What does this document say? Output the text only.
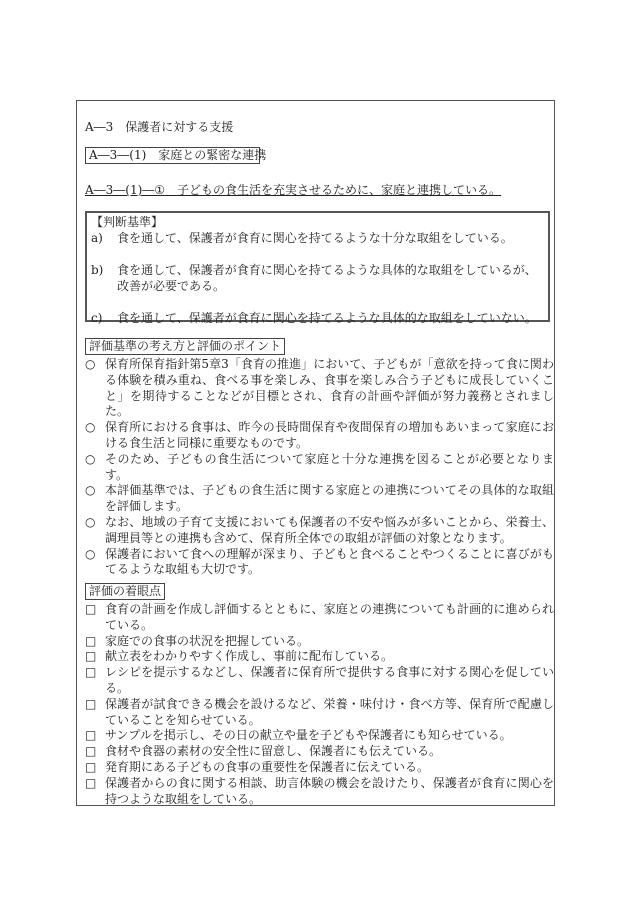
A―3　保護者に対する支援
A―3―(1)　家庭との緊密な連携
A―3―(1)―①　子どもの食生活を充実させるために、家庭と連携している。
【判断基準】
a)	食を通して、保護者が食育に関心を持てるような十分な取組をしている。
b)	食を通して、保護者が食育に関心を持てるような具体的な取組をしているが、改善が必要である。
c)	食を通して、保護者が食育に関心を持てるような具体的な取組をしていない。
評価基準の考え方と評価のポイント
○ 保育所保育指針第5章3「食育の推進」において、子どもが「意欲を持って食に関わる体験を積み重ね、食べる事を楽しみ、食事を楽しみ合う子どもに成長していくこと」を期待することなどが目標とされ、食育の計画や評価が努力義務とされました。
○ 保育所における食事は、昨今の長時間保育や夜間保育の増加もあいまって家庭における食生活と同様に重要なものです。
○ そのため、子どもの食生活について家庭と十分な連携を図ることが必要となります。
○ 本評価基準では、子どもの食生活に関する家庭との連携についてその具体的な取組を評価します。
○ なお、地域の子育て支援においても保護者の不安や悩みが多いことから、栄養士、調理員等との連携も含めて、保育所全体での取組が評価の対象となります。
○ 保護者において食への理解が深まり、子どもと食べることやつくることに喜びがもてるような取組も大切です。
評価の着眼点
□ 食育の計画を作成し評価するとともに、家庭との連携についても計画的に進められている。
□ 家庭での食事の状況を把握している。
□ 献立表をわかりやすく作成し、事前に配布している。
□ レシピを提示するなどし、保護者に保育所で提供する食事に対する関心を促している。
□ 保護者が試食できる機会を設けるなど、栄養・味付け・食べ方等、保育所で配慮していることを知らせている。
□ サンプルを掲示し、その日の献立や量を子どもや保護者にも知らせている。
□ 食材や食器の素材の安全性に留意し、保護者にも伝えている。
□ 発育期にある子どもの食事の重要性を保護者に伝えている。
□ 保護者からの食に関する相談、助言体験の機会を設けたり、保護者が食育に関心を持つような取組をしている。
